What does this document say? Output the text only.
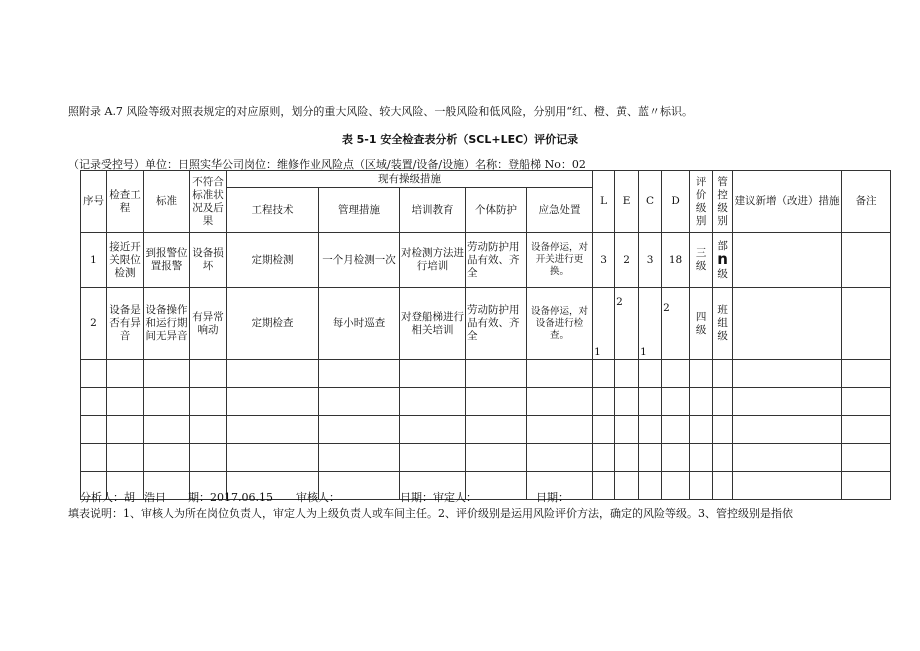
照附录 A.7 风险等级对照表规定的对应原则，划分的重大风险、较大风险、一般风险和低风险，分别用“红、橙、黄、蓝〃标识。
表 5-1 安全检查表分析（SCL+LEC）评价记录
（记录受控号）单位：日照实华公司岗位：维修作业风险点（区域/装置/设备/设施）名称：登船梯 No：02
序号	检查工程	标准	不符合标准状况及后果	现有操级措施					L	E	C	D	评价级别	管控级别	建议新增（改进）措施	备注
				工程技术	管理措施	培训教育	个体防护	应急处置								
1	接近开关限位检测	到报警位置报警	设备损坏	定期检测	一个月检测一次	对检测方法进行培训	劳动防护用品有效、齐全	设备停运，对开关进行更换。	3	2	3	18	三级	部
n
级		
2	设备是否有异音	设备操作和运行期间无异音	有异常响动	定期检查	每小时巡查	对登船梯进行相关培训	劳动防护用品有效、齐全	设备停运，对设备进行检查。	1	2	1	2	四级	班组级		

分析人：胡 浩日 期：2017.06.15 审核人：	日期：审定人：	日期：
填表说明：1、审核人为所在岗位负责人，审定人为上级负责人或车间主任。2、评价级别是运用风险评价方法，确定的风险等级。3、管控级别是指依
